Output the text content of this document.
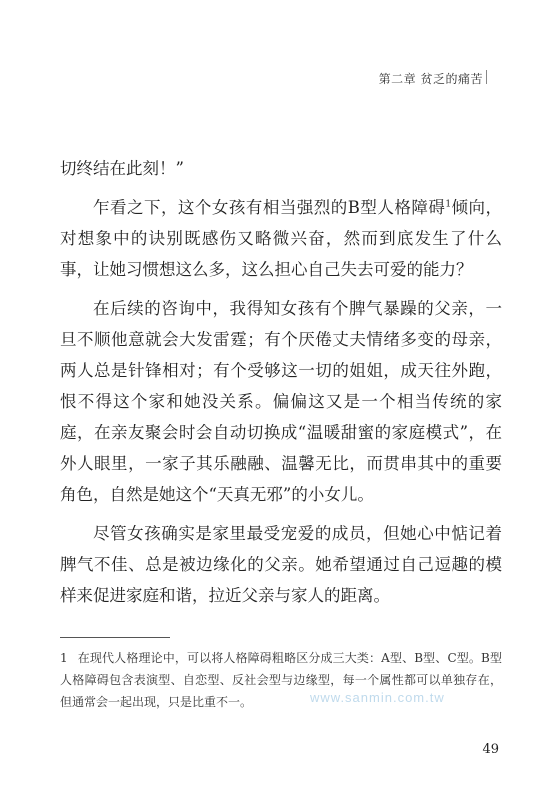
第二章 贫乏的痛苦

切终结在此刻！”

乍看之下，这个女孩有相当强烈的B型人格障碍$^1$倾向，对想象中的诀别既感伤又略微兴奋，然而到底发生了什么事，让她习惯想这么多，这么担心自己失去可爱的能力？

在后续的咨询中，我得知女孩有个脾气暴躁的父亲，一旦不顺他意就会大发雷霆；有个厌倦丈夫情绪多变的母亲，两人总是针锋相对；有个受够这一切的姐姐，成天往外跑，恨不得这个家和她没关系。偏偏这又是一个相当传统的家庭，在亲友聚会时会自动切换成“温暖甜蜜的家庭模式”，在外人眼里，一家子其乐融融、温馨无比，而贯串其中的重要角色，自然是她这个“天真无邪”的小女儿。

尽管女孩确实是家里最受宠爱的成员，但她心中惦记着脾气不佳、总是被边缘化的父亲。她希望通过自己逗趣的模样来促进家庭和谐，拉近父亲与家人的距离。

1 在现代人格理论中，可以将人格障碍粗略区分成三大类：A型、B型、C型。B型人格障碍包含表演型、自恋型、反社会型与边缘型，每一个属性都可以单独存在，但通常会一起出现，只是比重不一。	www.sanmin.com.tw
49
